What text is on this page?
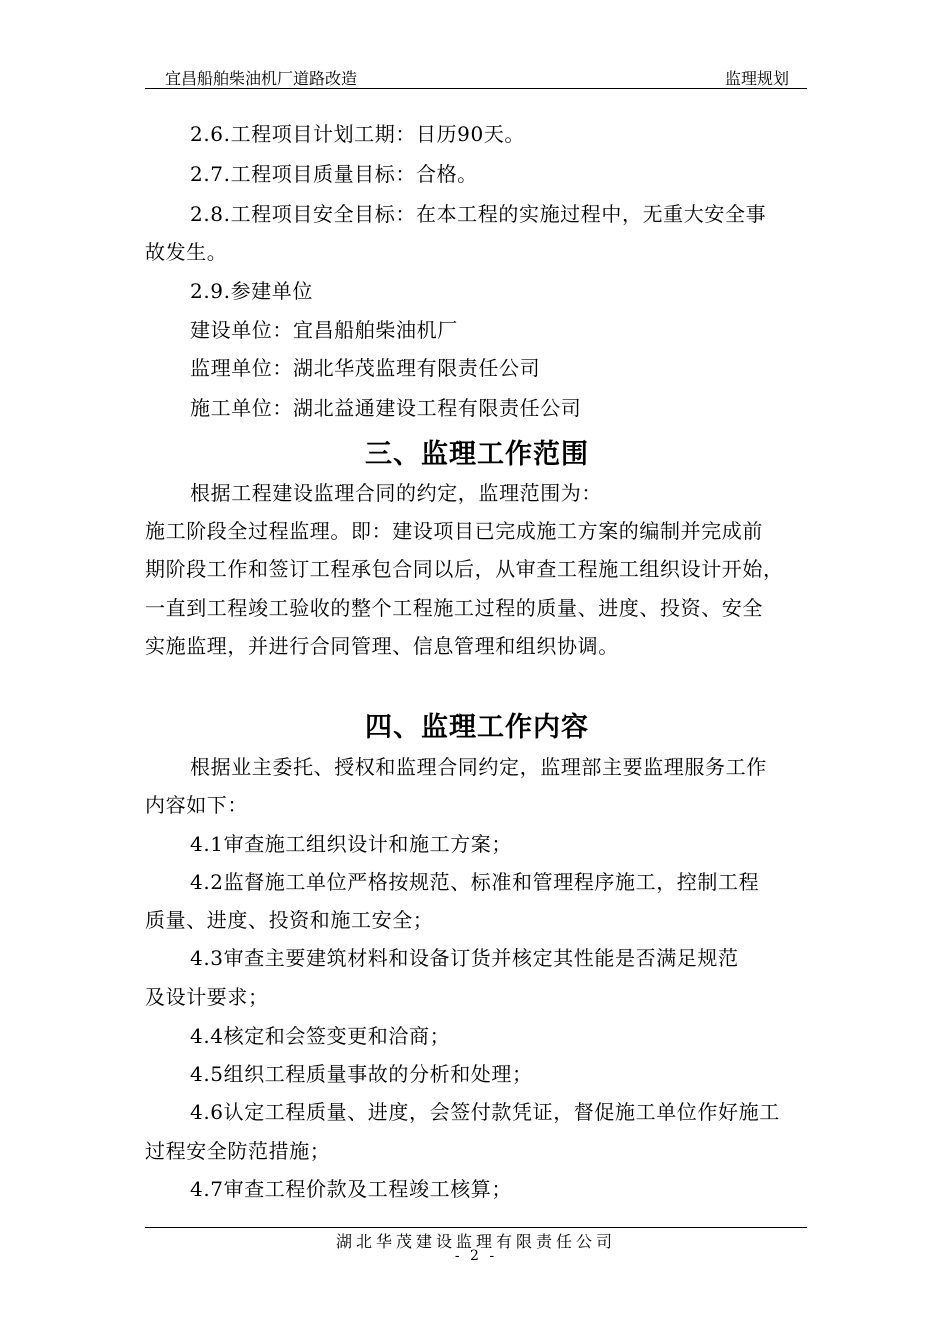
宜昌船舶柴油机厂道路改造	监理规划
2.6.工程项目计划工期：日历90天。
2.7.工程项目质量目标：合格。
2.8.工程项目安全目标：在本工程的实施过程中，无重大安全事
故发生。
2.9.参建单位
建设单位：宜昌船舶柴油机厂
监理单位：湖北华茂监理有限责任公司
施工单位：湖北益通建设工程有限责任公司
三、监理工作范围
根据工程建设监理合同的约定，监理范围为：
施工阶段全过程监理。即：建设项目已完成施工方案的编制并完成前
期阶段工作和签订工程承包合同以后，从审查工程施工组织设计开始，
一直到工程竣工验收的整个工程施工过程的质量、进度、投资、安全
实施监理，并进行合同管理、信息管理和组织协调。
四、监理工作内容
根据业主委托、授权和监理合同约定，监理部主要监理服务工作
内容如下：
4.1审查施工组织设计和施工方案；
4.2监督施工单位严格按规范、标准和管理程序施工，控制工程
质量、进度、投资和施工安全；
4.3审查主要建筑材料和设备订货并核定其性能是否满足规范
及设计要求；
4.4核定和会签变更和洽商；
4.5组织工程质量事故的分析和处理；
4.6认定工程质量、进度，会签付款凭证，督促施工单位作好施工
过程安全防范措施；
4.7审查工程价款及工程竣工核算；
湖北华茂建设监理有限责任公司
- 2 -
